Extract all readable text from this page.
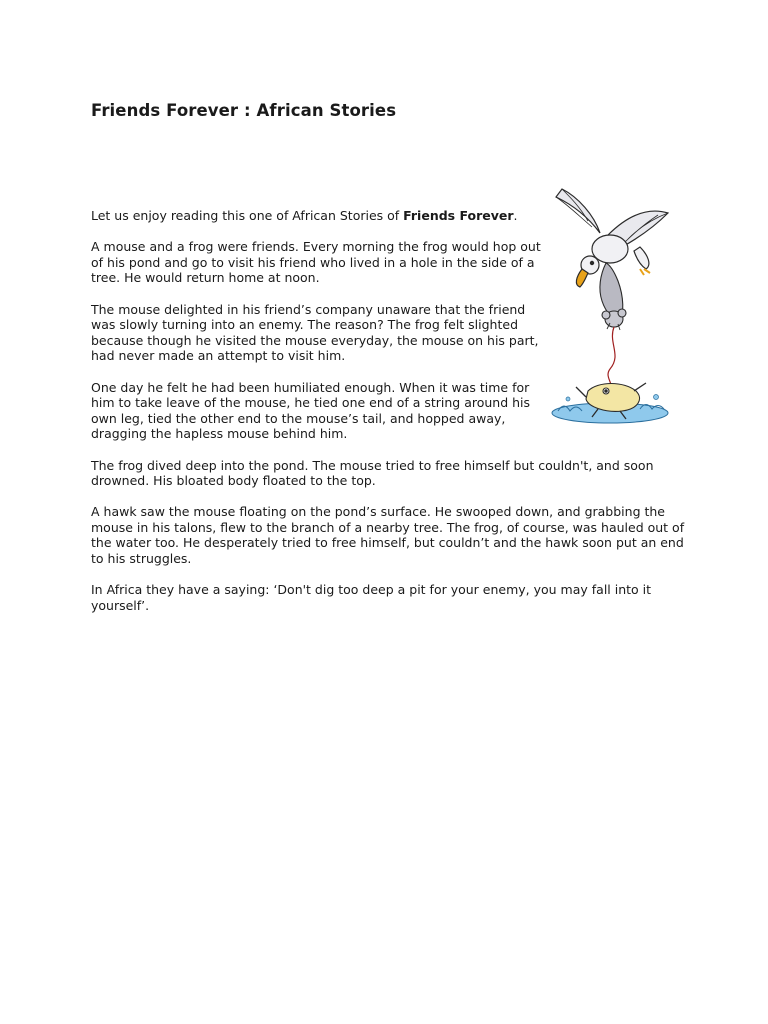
Friends Forever : African Stories

Let us enjoy reading this one of African Stories of Friends Forever.

A mouse and a frog were friends. Every morning the frog would hop out of his pond and go to visit his friend who lived in a hole in the side of a tree. He would return home at noon.

The mouse delighted in his friend’s company unaware that the friend was slowly turning into an enemy. The reason? The frog felt slighted because though he visited the mouse everyday, the mouse on his part, had never made an attempt to visit him.

One day he felt he had been humiliated enough. When it was time for him to take leave of the mouse, he tied one end of a string around his own leg, tied the other end to the mouse’s tail, and hopped away, dragging the hapless mouse behind him.

The frog dived deep into the pond. The mouse tried to free himself but couldn't, and soon drowned. His bloated body floated to the top.

A hawk saw the mouse floating on the pond’s surface. He swooped down, and grabbing the mouse in his talons, flew to the branch of a nearby tree. The frog, of course, was hauled out of the water too. He desperately tried to free himself, but couldn’t and the hawk soon put an end to his struggles.

In Africa they have a saying: ‘Don't dig too deep a pit for your enemy, you may fall into it yourself’.
